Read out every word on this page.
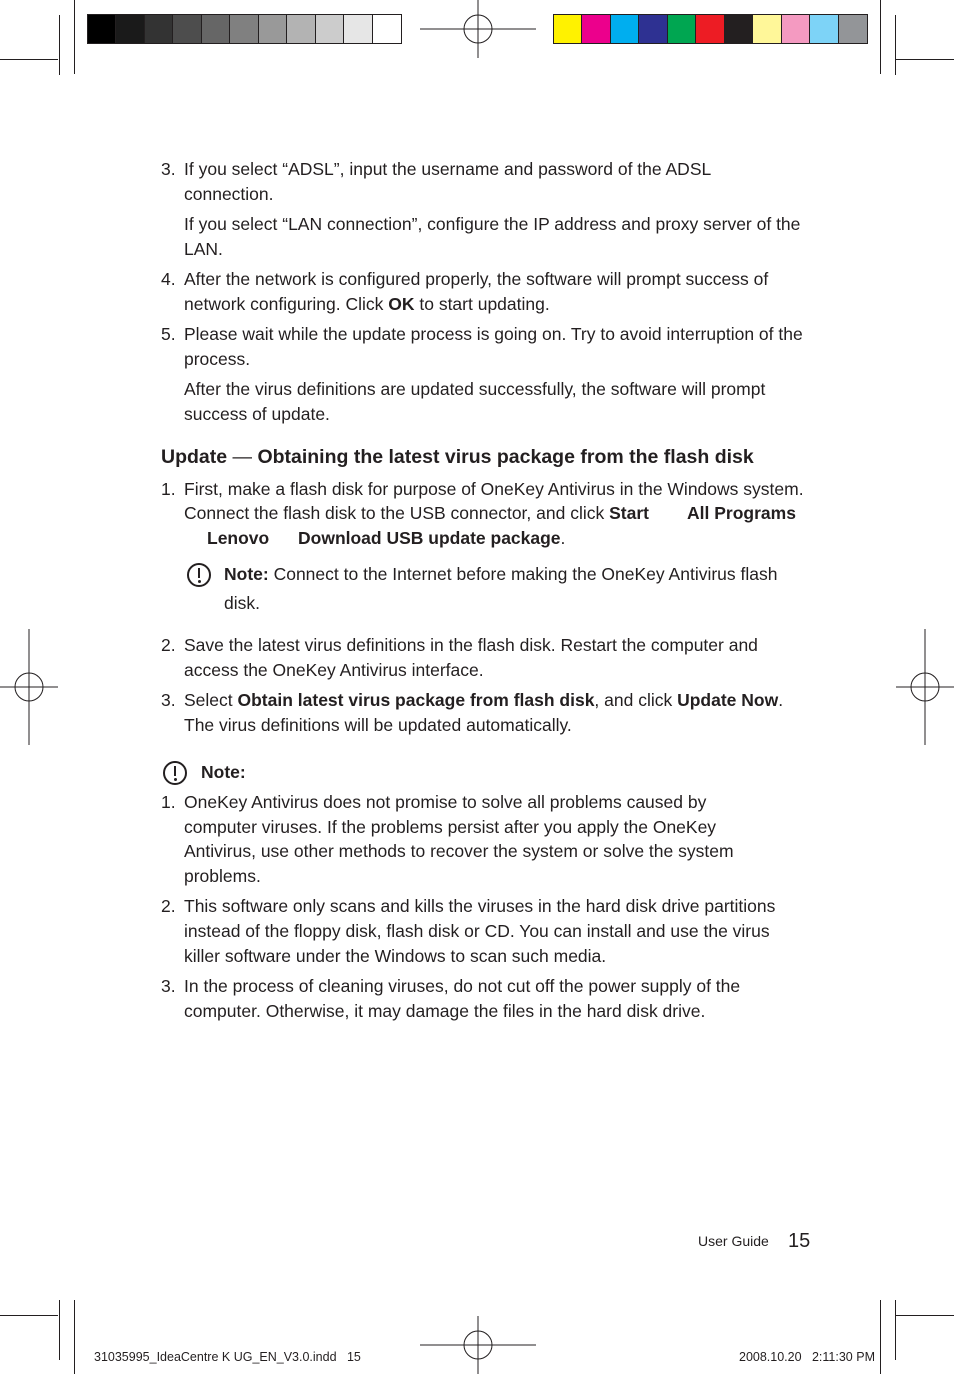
3. If you select “ADSL”, input the username and password of the ADSL
connection.
If you select “LAN connection”, configure the IP address and proxy server of the
LAN.
4. After the network is configured properly, the software will prompt success of
network configuring. Click OK to start updating.
5. Please wait while the update process is going on. Try to avoid interruption of the
process.
After the virus definitions are updated successfully, the software will prompt
success of update.
Update — Obtaining the latest virus package from the flash disk
1. First, make a flash disk for purpose of OneKey Antivirus in the Windows system.
Connect the flash disk to the USB connector, and click Start All Programs
Lenovo Download USB update package.
Note: Connect to the Internet before making the OneKey Antivirus flash
disk.
2. Save the latest virus definitions in the flash disk. Restart the computer and
access the OneKey Antivirus interface.
3. Select Obtain latest virus package from flash disk, and click Update Now.
The virus definitions will be updated automatically.
Note:
1. OneKey Antivirus does not promise to solve all problems caused by
computer viruses. If the problems persist after you apply the OneKey
Antivirus, use other methods to recover the system or solve the system
problems.
2. This software only scans and kills the viruses in the hard disk drive partitions
instead of the floppy disk, flash disk or CD. You can install and use the virus
killer software under the Windows to scan such media.
3. In the process of cleaning viruses, do not cut off the power supply of the
computer. Otherwise, it may damage the files in the hard disk drive.
User Guide 15
31035995_IdeaCentre K UG_EN_V3.0.indd   15	2008.10.20   2:11:30 PM
